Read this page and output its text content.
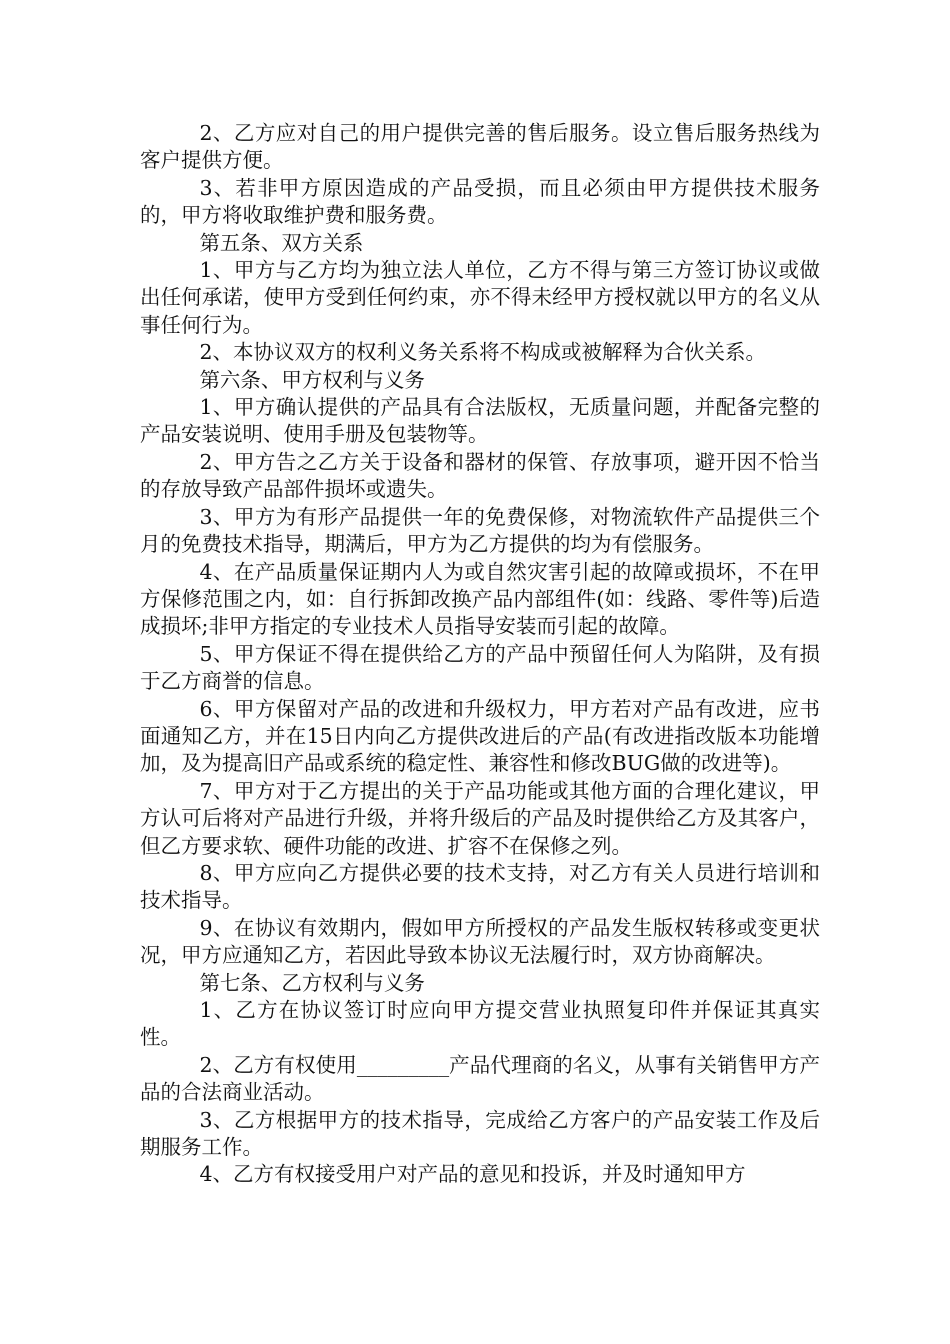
2、乙方应对自己的用户提供完善的售后服务。设立售后服务热线为客户提供方便。

3、若非甲方原因造成的产品受损，而且必须由甲方提供技术服务的，甲方将收取维护费和服务费。

第五条、双方关系

1、甲方与乙方均为独立法人单位，乙方不得与第三方签订协议或做出任何承诺，使甲方受到任何约束，亦不得未经甲方授权就以甲方的名义从事任何行为。

2、本协议双方的权利义务关系将不构成或被解释为合伙关系。

第六条、甲方权利与义务

1、甲方确认提供的产品具有合法版权，无质量问题，并配备完整的产品安装说明、使用手册及包装物等。

2、甲方告之乙方关于设备和器材的保管、存放事项，避开因不恰当的存放导致产品部件损坏或遗失。

3、甲方为有形产品提供一年的免费保修，对物流软件产品提供三个月的免费技术指导，期满后，甲方为乙方提供的均为有偿服务。

4、在产品质量保证期内人为或自然灾害引起的故障或损坏，不在甲方保修范围之内，如：自行拆卸改换产品内部组件(如：线路、零件等)后造成损坏;非甲方指定的专业技术人员指导安装而引起的故障。

5、甲方保证不得在提供给乙方的产品中预留任何人为陷阱，及有损于乙方商誉的信息。

6、甲方保留对产品的改进和升级权力，甲方若对产品有改进，应书面通知乙方，并在15日内向乙方提供改进后的产品(有改进指改版本功能增加，及为提高旧产品或系统的稳定性、兼容性和修改BUG做的改进等)。

7、甲方对于乙方提出的关于产品功能或其他方面的合理化建议，甲方认可后将对产品进行升级，并将升级后的产品及时提供给乙方及其客户，但乙方要求软、硬件功能的改进、扩容不在保修之列。

8、甲方应向乙方提供必要的技术支持，对乙方有关人员进行培训和技术指导。

9、在协议有效期内，假如甲方所授权的产品发生版权转移或变更状况，甲方应通知乙方，若因此导致本协议无法履行时，双方协商解决。

第七条、乙方权利与义务

1、乙方在协议签订时应向甲方提交营业执照复印件并保证其真实性。

2、乙方有权使用_________产品代理商的名义，从事有关销售甲方产品的合法商业活动。

3、乙方根据甲方的技术指导，完成给乙方客户的产品安装工作及后期服务工作。

4、乙方有权接受用户对产品的意见和投诉，并及时通知甲方
